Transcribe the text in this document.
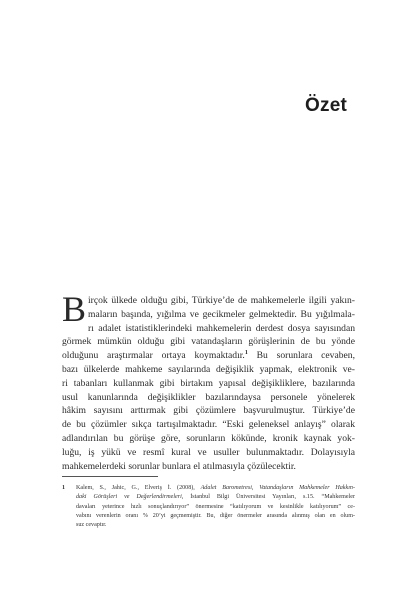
Özet
B irçok ülkede olduğu gibi, Türkiye’de de mahkemelerle ilgili yakın-
maların başında, yığılma ve gecikmeler gelmektedir. Bu yığılmala-
rı adalet istatistiklerindeki mahkemelerin derdest dosya sayısından
görmek mümkün olduğu gibi vatandaşların görüşlerinin de bu yönde
olduğunu araştırmalar ortaya koymaktadır.$^1$ Bu sorunlara cevaben,
bazı ülkelerde mahkeme sayılarında değişiklik yapmak, elektronik ve-
ri tabanları kullanmak gibi birtakım yapısal değişikliklere, bazılarında
usul kanunlarında değişiklikler bazılarındaysa personele yönelerek
hâkim sayısını arttırmak gibi çözümlere başvurulmuştur. Türkiye’de
de bu çözümler sıkça tartışılmaktadır. “Eski geleneksel anlayış” olarak
adlandırılan bu görüşe göre, sorunların kökünde, kronik kaynak yok-
luğu, iş yükü ve resmî kural ve usuller bulunmaktadır. Dolayısıyla
mahkemelerdeki sorunlar bunlara el atılmasıyla çözülecektir.
1 Kalem, S., Jahic, G., Elveriş İ. (2008), Adalet Barometresi, Vatandaşların Mahkemeler Hakkın-
daki Görüşleri ve Değerlendirmeleri, İstanbul Bilgi Üniversitesi Yayınları, s.15. “Mahkemeler
davaları yeterince hızlı sonuçlandırıyor” önermesine “katılıyorum ve kesinlikle katılıyorum” ce-
vabını verenlerin oranı % 20’yi geçmemiştir. Bu, diğer önermeler arasında alınmış olan en olum-
suz cevaptır.
